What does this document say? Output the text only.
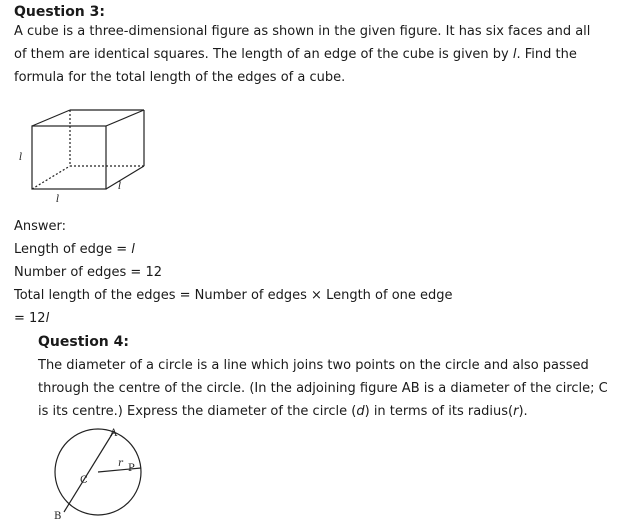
Question 3:
A cube is a three-dimensional figure as shown in the given figure. It has six faces and all
of them are identical squares. The length of an edge of the cube is given by l. Find the
formula for the total length of the edges of a cube.
l
l
l
Answer:
Length of edge = l
Number of edges = 12
Total length of the edges = Number of edges × Length of one edge
= 12l
Question 4:
The diameter of a circle is a line which joins two points on the circle and also passed
through the centre of the circle. (In the adjoining figure AB is a diameter of the circle; C
is its centre.) Express the diameter of the circle (d) in terms of its radius(r).
A
B
C
P
r
